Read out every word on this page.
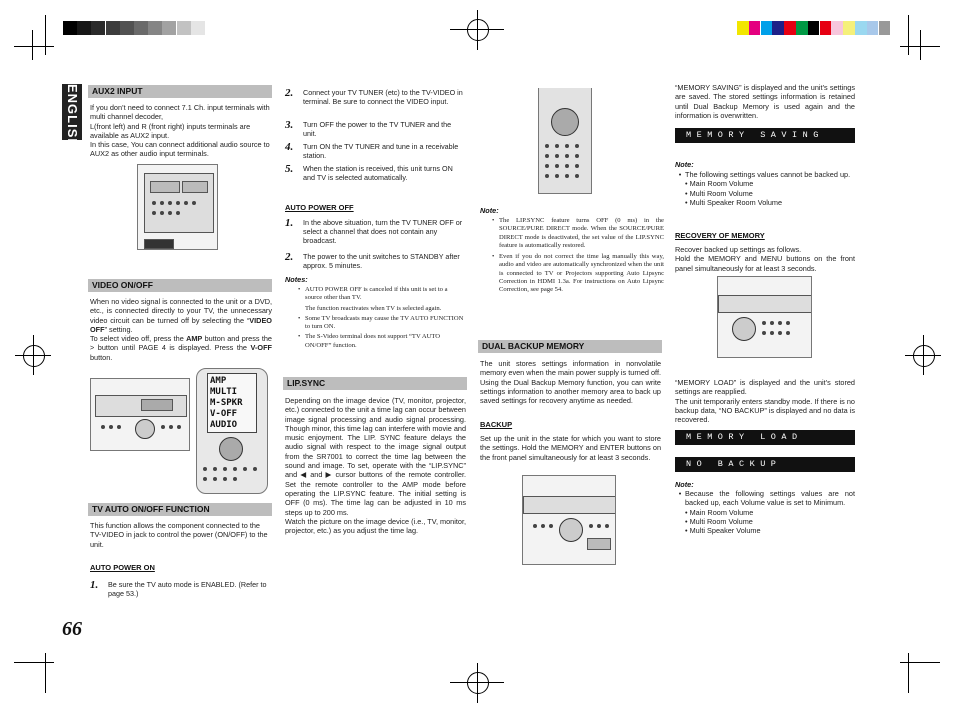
ENGLISH
66
AUX2 INPUT
If you don’t need to connect 7.1 Ch. input terminals with multi channel decoder,
L(front left) and R (front right) inputs terminals are available as AUX2 input.
In this case, You can connect additional audio source to AUX2 as other audio input terminals.
VIDEO ON/OFF
When no video signal is connected to the unit or a DVD, etc., is connected directly to your TV, the unnecessary video circuit can be turned off by selecting the “VIDEO OFF” setting.
To select video off, press the AMP button and press the > button until PAGE 4 is displayed. Press the V-OFF button.
AMP
MULTI
M-SPKR
V-OFF
AUDIO
TV AUTO ON/OFF FUNCTION
This function allows the component connected to the TV-VIDEO in jack to control the power (ON/OFF) to the unit.
AUTO POWER ON
1.	Be sure the TV auto mode is ENABLED. (Refer to page 53.)
2.	Connect your TV TUNER (etc) to the TV-VIDEO in terminal. Be sure to connect the VIDEO input.
3.	Turn OFF the power to the TV TUNER and the unit.
4.	Turn ON the TV TUNER and tune in a receivable station.
5.	When the station is received, this unit turns ON and TV is selected automatically.
AUTO POWER OFF
1.	In the above situation, turn the TV TUNER OFF or select a channel that does not contain any broadcast.
2.	The power to the unit switches to STANDBY after approx. 5 minutes.
Notes:
• AUTO POWER OFF is canceled if this unit is set to a source other than TV.
The function reactivates when TV is selected again.
• Some TV broadcasts may cause the TV AUTO FUNCTION to turn ON.
• The S-Video terminal does not support “TV AUTO ON/OFF” function.
LIP.SYNC
Depending on the image device (TV, monitor, projector, etc.) connected to the unit a time lag can occur between image signal processing and audio signal processing. Though minor, this time lag can interfere with movie and music enjoyment. The LIP. SYNC feature delays the audio signal with respect to the image signal output from the SR7001 to correct the time lag between the sound and image. To set, operate with the “LIP.SYNC” and ◀ and ▶ cursor buttons of the remote controller. Set the remote controller to the AMP mode before operating the LIP.SYNC feature. The initial setting is OFF (0 ms). The time lag can be adjusted in 10 ms steps up to 200 ms.
Watch the picture on the image device (i.e., TV, monitor, projector, etc.) as you adjust the time lag.
Note:
• The LIP.SYNC feature turns OFF (0 ms) in the SOURCE/PURE DIRECT mode. When the SOURCE/PURE DIRECT mode is deactivated, the set value of the LIP.SYNC feature is automatically restored.
• Even if you do not correct the time lag manually this way, audio and video are automatically synchronized when the unit is connected to TV or Projectors supporting Auto Lipsync Correction in HDMI 1.3a. For instructions on Auto Lipsync Correction, see page 54.
DUAL BACKUP MEMORY
The unit stores settings information in nonvolatile memory even when the main power supply is turned off. Using the Dual Backup Memory function, you can write settings information to another memory area to back up saved settings for recovery anytime as needed.
BACKUP
Set up the unit in the state for which you want to store the settings. Hold the MEMORY and ENTER buttons on the front panel simultaneously for at least 3 seconds.
“MEMORY SAVING” is displayed and the unit’s settings are saved. The stored settings information is retained until Dual Backup Memory is used again and the information is overwritten.
MEMORY SAVING
Note:
• The following settings values cannot be backed up.
• Main Room Volume
• Multi Room Volume
• Multi Speaker Room Volume
RECOVERY OF MEMORY
Recover backed up settings as follows.
Hold the MEMORY and MENU buttons on the front panel simultaneously for at least 3 seconds.
“MEMORY LOAD” is displayed and the unit’s stored settings are reapplied.
The unit temporarily enters standby mode. If there is no backup data, “NO BACKUP” is displayed and no data is recovered.
MEMORY LOAD
NO BACKUP
Note:
• Because the following settings values are not backed up, each Volume value is set to Minimum.
• Main Room Volume
• Multi Room Volume
• Multi Speaker Volume
